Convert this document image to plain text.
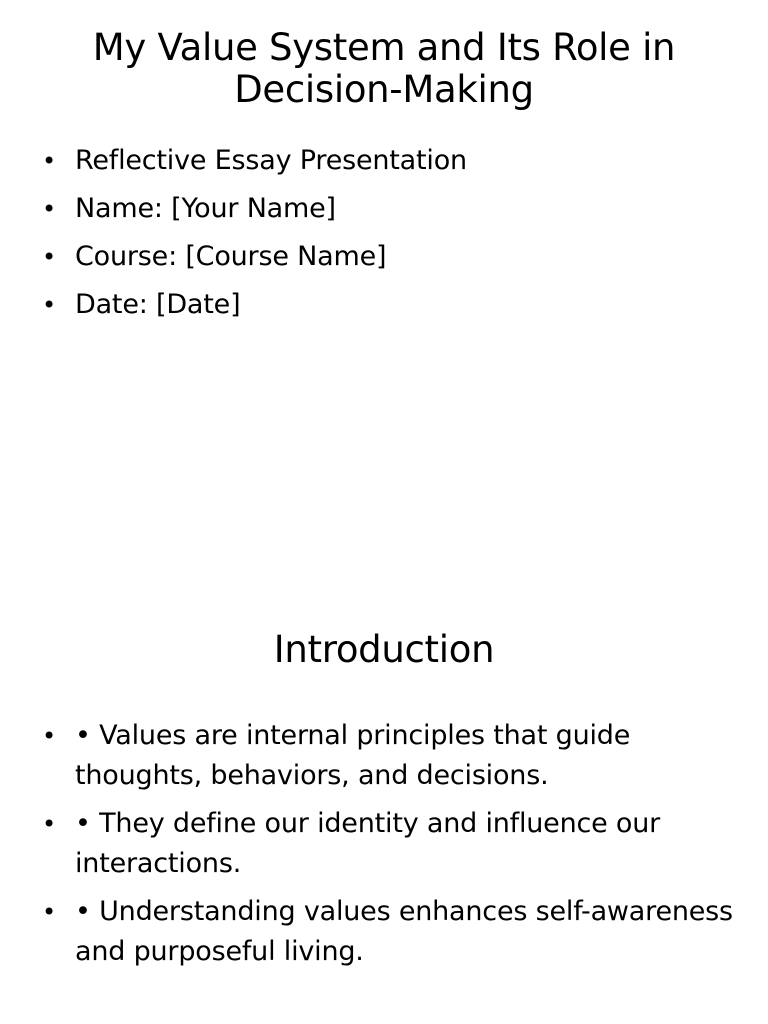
My Value System and Its Role in Decision-Making
• Reflective Essay Presentation
• Name: [Your Name]
• Course: [Course Name]
• Date: [Date]
Introduction
• • Values are internal principles that guide thoughts, behaviors, and decisions.
• • They define our identity and influence our interactions.
• • Understanding values enhances self-awareness and purposeful living.
